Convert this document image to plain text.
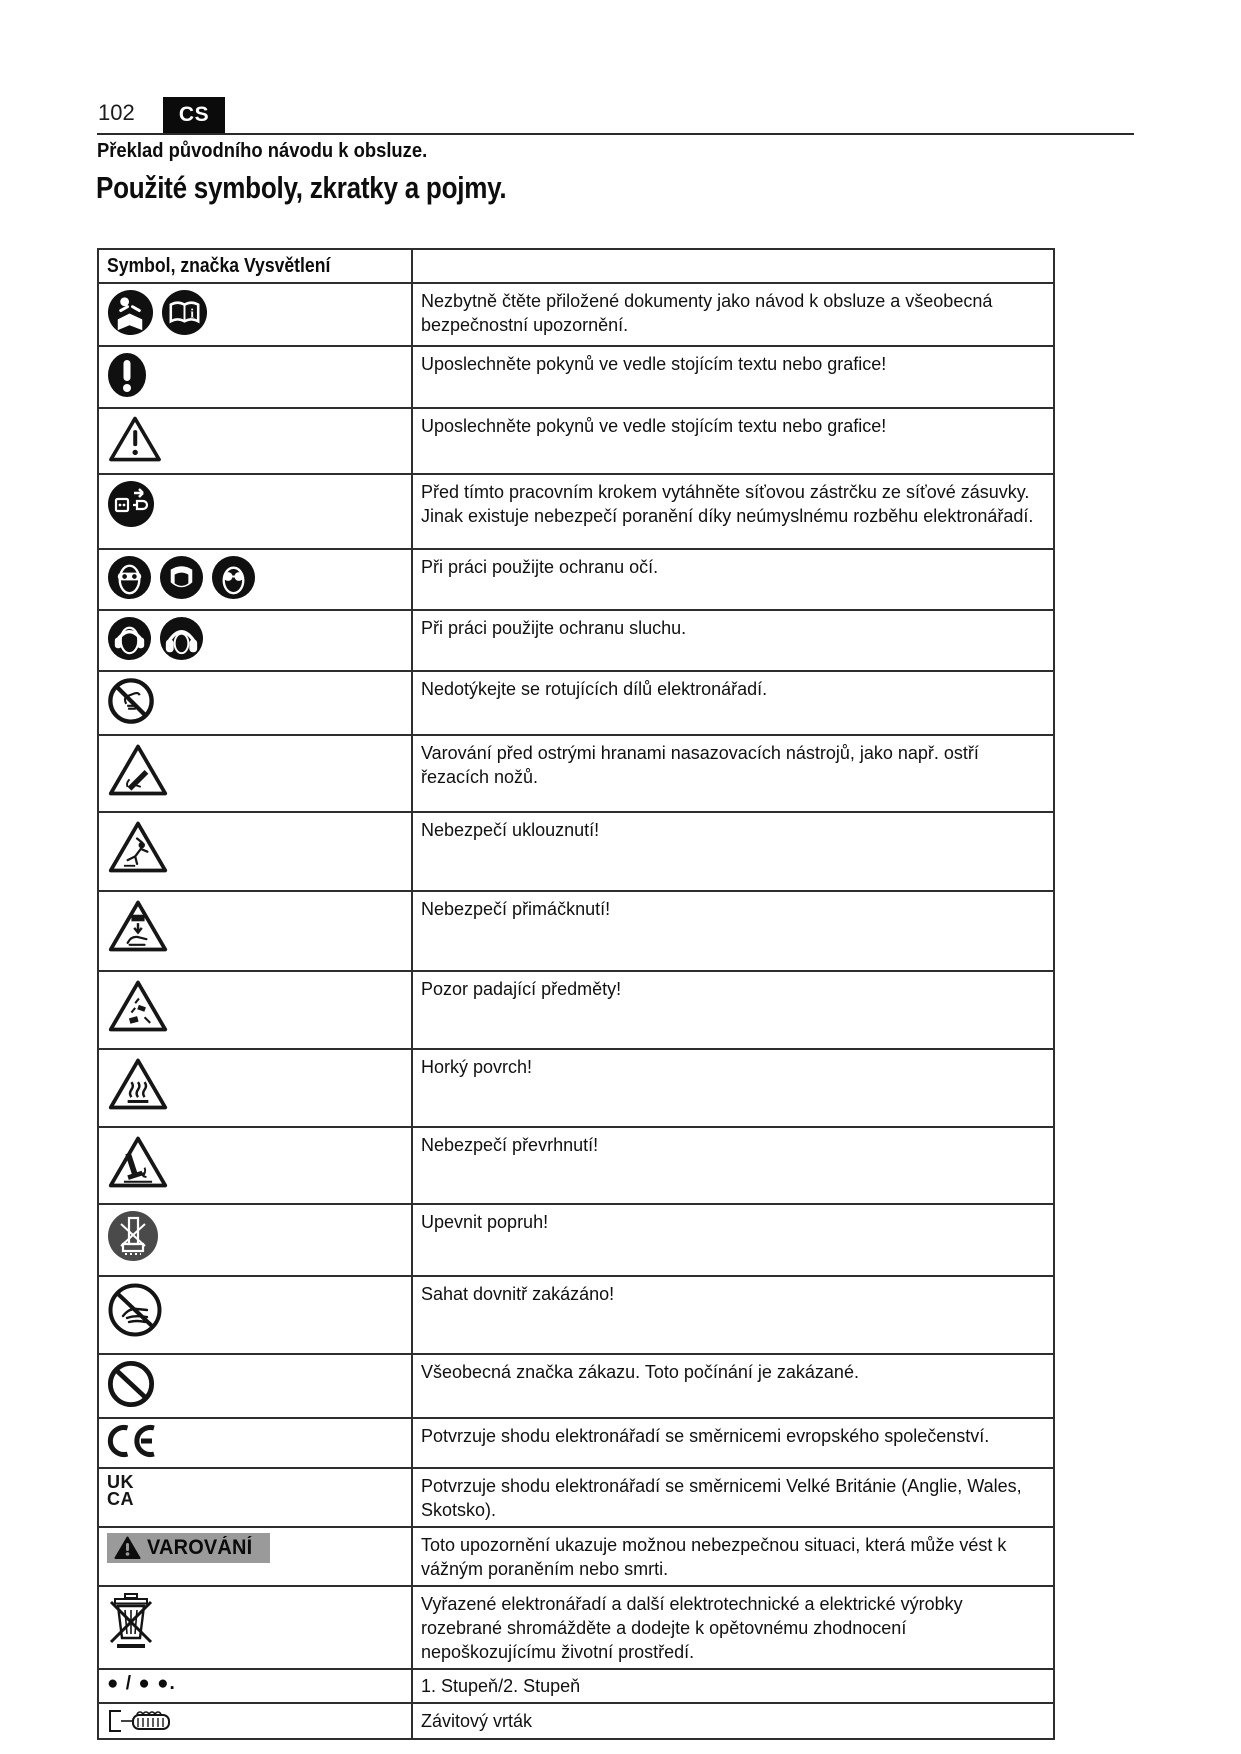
102	CS
Překlad původního návodu k obsluze.
Použité symboly, zkratky a pojmy.
Symbol, značka Vysvětlení	

i	Nezbytně čtěte přiložené dokumenty jako návod k obsluze a všeobecná bezpečnostní upozornění.

	Uposlechněte pokynů ve vedle stojícím textu nebo grafice!

	Uposlechněte pokynů ve vedle stojícím textu nebo grafice!

	Před tímto pracovním krokem vytáhněte síťovou zástrčku ze síťové zásuvky. Jinak existuje nebezpečí poranění díky neúmyslnému rozběhu elektronářadí.

	Při práci použijte ochranu očí.

	Při práci použijte ochranu sluchu.

	Nedotýkejte se rotujících dílů elektronářadí.

	Varování před ostrými hranami nasazovacích nástrojů, jako např. ostří řezacích nožů.

	Nebezpečí uklouznutí!

	Nebezpečí přimáčknutí!

	Pozor padající předměty!

	Horký povrch!

	Nebezpečí převrhnutí!

	Upevnit popruh!

	Sahat dovnitř zakázáno!

	Všeobecná značka zákazu. Toto počínání je zakázané.

	Potvrzuje shodu elektronářadí se směrnicemi evropského společenství.

UK
CA	Potvrzuje shodu elektronářadí se směrnicemi Velké Británie (Anglie, Wales, Skotsko).

VAROVÁNÍ	Toto upozornění ukazuje možnou nebezpečnou situaci, která může vést k vážným poraněním nebo smrti.

	Vyřazené elektronářadí a další elektrotechnické a elektrické výrobky rozebrané shromážděte a dodejte k opětovnému zhodnocení nepoškozujícímu životní prostředí.
● / ● ●.	1. Stupeň/2. Stupeň

	Závitový vrták
